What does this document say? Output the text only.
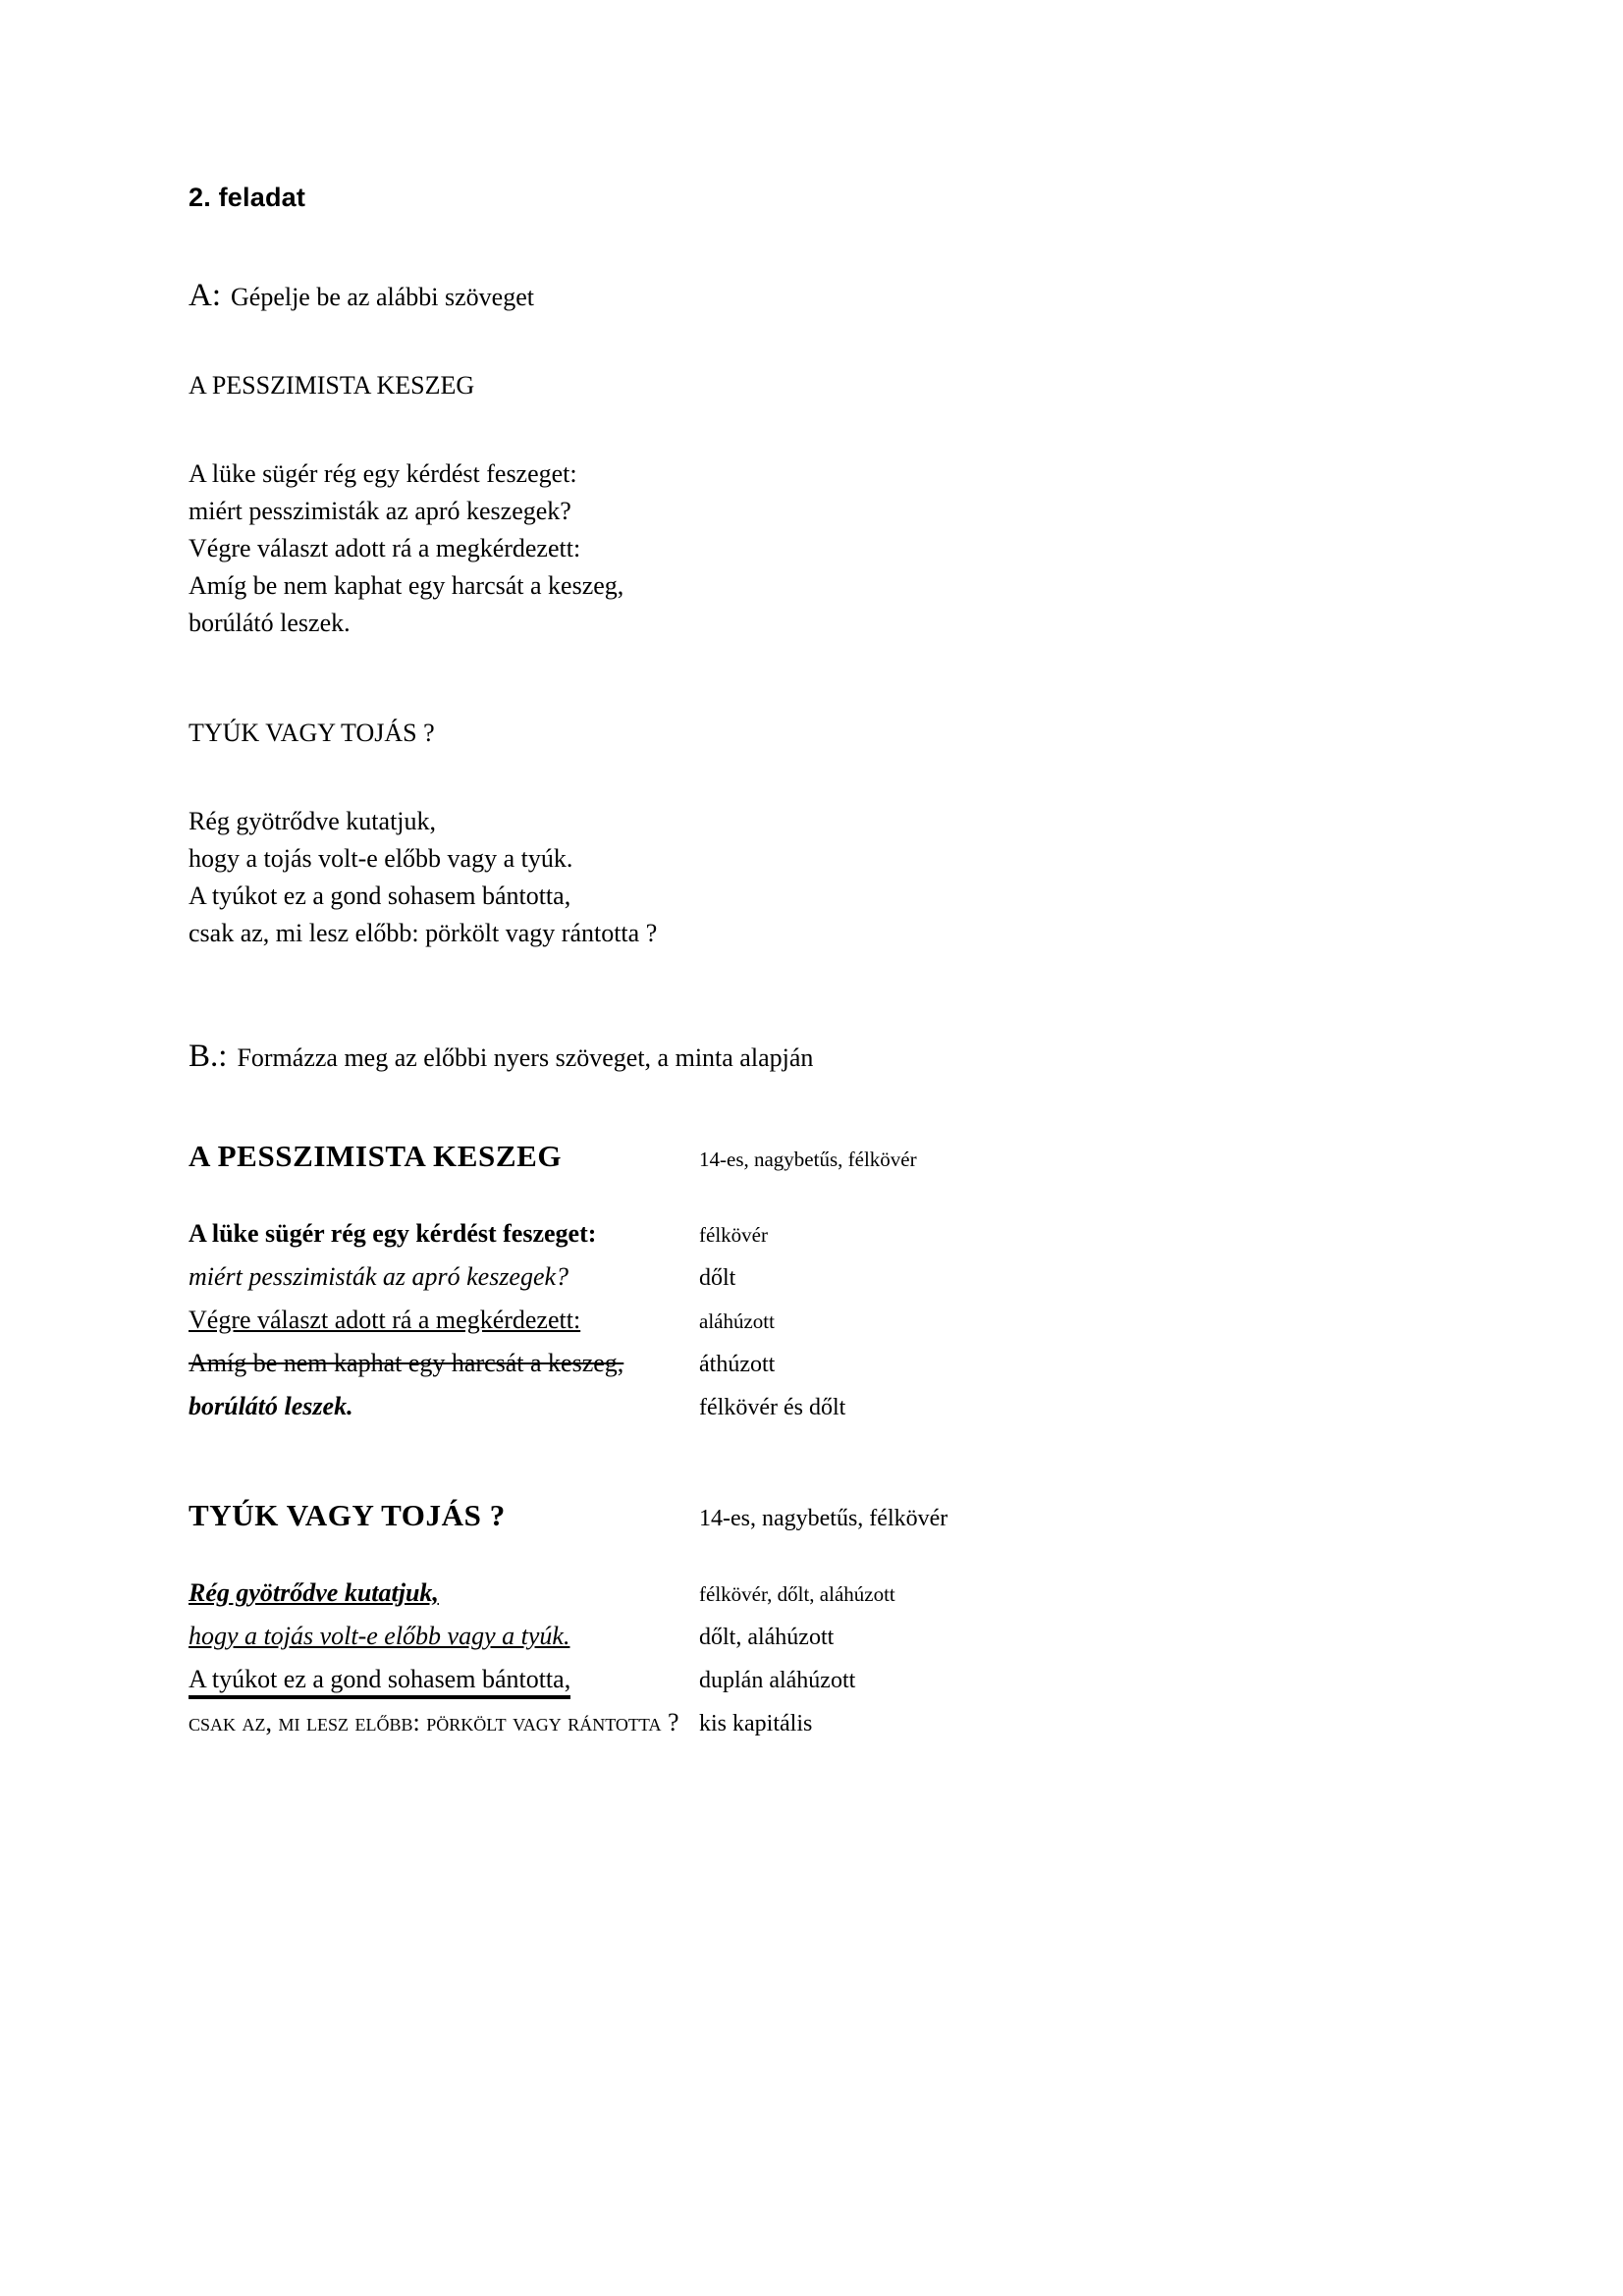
2. feladat
A: Gépelje be az alábbi szöveget
A PESSZIMISTA KESZEG
A lüke sügér rég egy kérdést feszeget:
miért pesszimisták az apró keszegek?
Végre választ adott rá a megkérdezett:
Amíg be nem kaphat egy harcsát a keszeg,
borúlátó leszek.
TYÚK VAGY TOJÁS ?
Rég gyötrődve kutatjuk,
hogy a tojás volt-e előbb vagy a tyúk.
A tyúkot ez a gond sohasem bántotta,
csak az, mi lesz előbb: pörkölt vagy rántotta ?
B.: Formázza meg az előbbi nyers szöveget, a minta alapján
A PESSZIMISTA KESZEG	14-es, nagybetűs, félkövér
A lüke sügér rég egy kérdést feszeget:	félkövér
miért pesszimisták az apró keszegek?	dőlt
Végre választ adott rá a megkérdezett:	aláhúzott
Amíg be nem kaphat egy harcsát a keszeg,	áthúzott
borúlátó leszek.	félkövér és dőlt
TYÚK VAGY TOJÁS ?	14-es, nagybetűs, félkövér
Rég gyötrődve kutatjuk,	félkövér, dőlt, aláhúzott
hogy a tojás volt-e előbb vagy a tyúk.	dőlt, aláhúzott
A tyúkot ez a gond sohasem bántotta,	duplán aláhúzott
csak az, mi lesz előbb: pörkölt vagy rántotta ? kis kapitális
